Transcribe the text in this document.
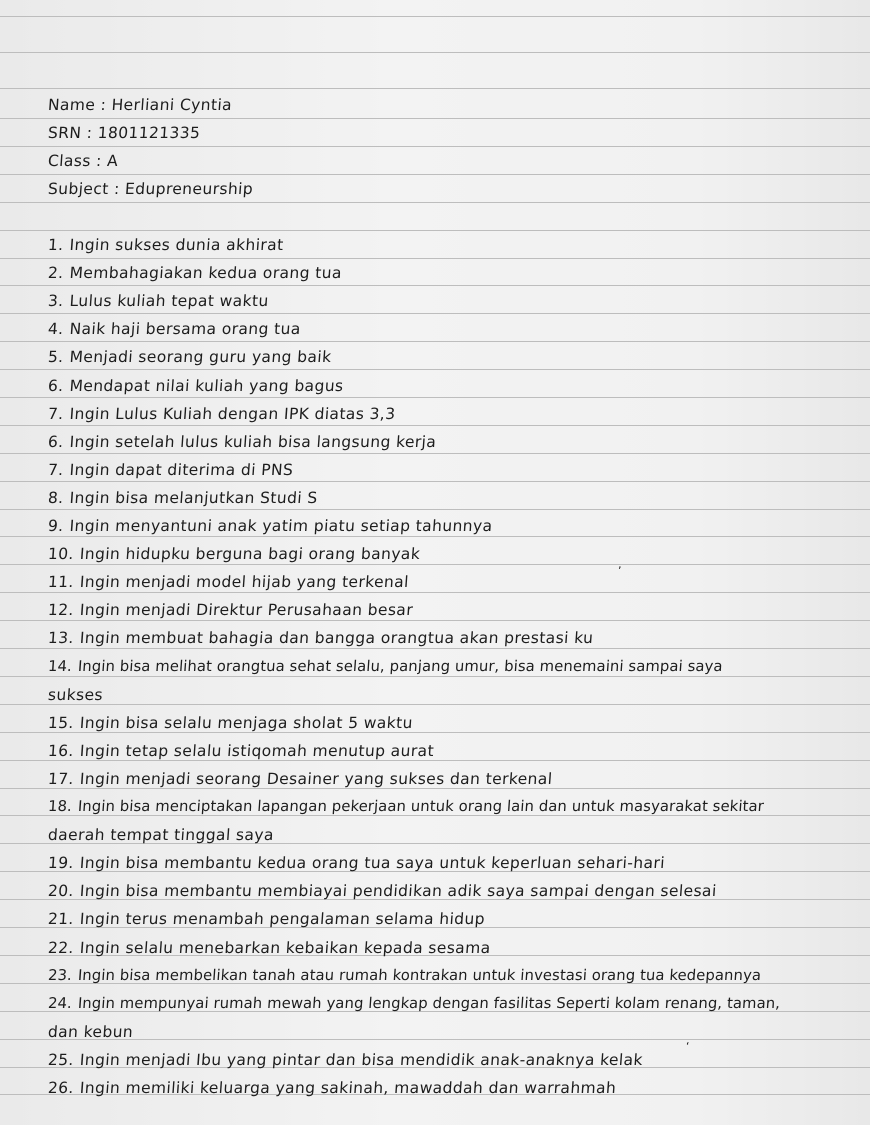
Name : Herliani Cyntia
SRN : 1801121335
Class : A
Subject : Edupreneurship
1. Ingin sukses dunia akhirat
2. Membahagiakan kedua orang tua
3. Lulus kuliah tepat waktu
4. Naik haji bersama orang tua
5. Menjadi seorang guru yang baik
6. Mendapat nilai kuliah yang bagus
7. Ingin Lulus Kuliah dengan IPK diatas 3,3
6. Ingin setelah lulus kuliah bisa langsung kerja
7. Ingin dapat diterima di PNS
8. Ingin bisa melanjutkan Studi S
9. Ingin menyantuni anak yatim piatu setiap tahunnya
10. Ingin hidupku berguna bagi orang banyak
11. Ingin menjadi model hijab yang terkenal
12. Ingin menjadi Direktur Perusahaan besar
13. Ingin membuat bahagia dan bangga orangtua akan prestasi ku
14. Ingin bisa melihat orangtua sehat selalu, panjang umur, bisa menemaini sampai saya
sukses
15. Ingin bisa selalu menjaga sholat 5 waktu
16. Ingin tetap selalu istiqomah menutup aurat
17. Ingin menjadi seorang Desainer yang sukses dan terkenal
18. Ingin bisa menciptakan lapangan pekerjaan untuk orang lain dan untuk masyarakat sekitar
daerah tempat tinggal saya
19. Ingin bisa membantu kedua orang tua saya untuk keperluan sehari-hari
20. Ingin bisa membantu membiayai pendidikan adik saya sampai dengan selesai
21. Ingin terus menambah pengalaman selama hidup
22. Ingin selalu menebarkan kebaikan kepada sesama
23. Ingin bisa membelikan tanah atau rumah kontrakan untuk investasi orang tua kedepannya
24. Ingin mempunyai rumah mewah yang lengkap dengan fasilitas Seperti kolam renang, taman,
dan kebun
25. Ingin menjadi Ibu yang pintar dan bisa mendidik anak-anaknya kelak
26. Ingin memiliki keluarga yang sakinah, mawaddah dan warrahmah
‚
‘
